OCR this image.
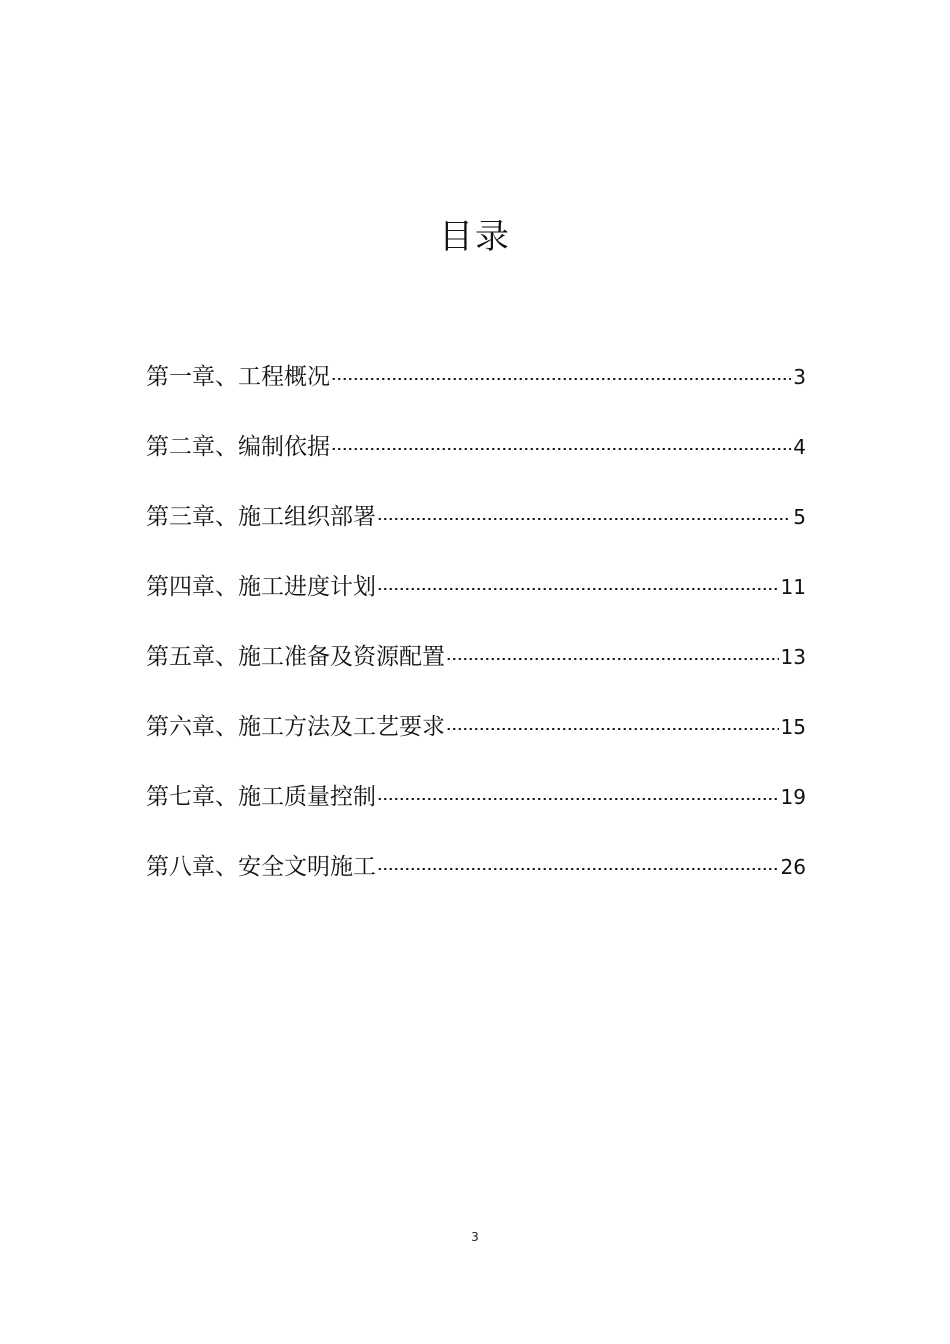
目录
第一章、工程概况	3
第二章、编制依据	4
第三章、施工组织部署	5
第四章、施工进度计划	11
第五章、施工准备及资源配置	13
第六章、施工方法及工艺要求	15
第七章、施工质量控制	19
第八章、安全文明施工	26
3
